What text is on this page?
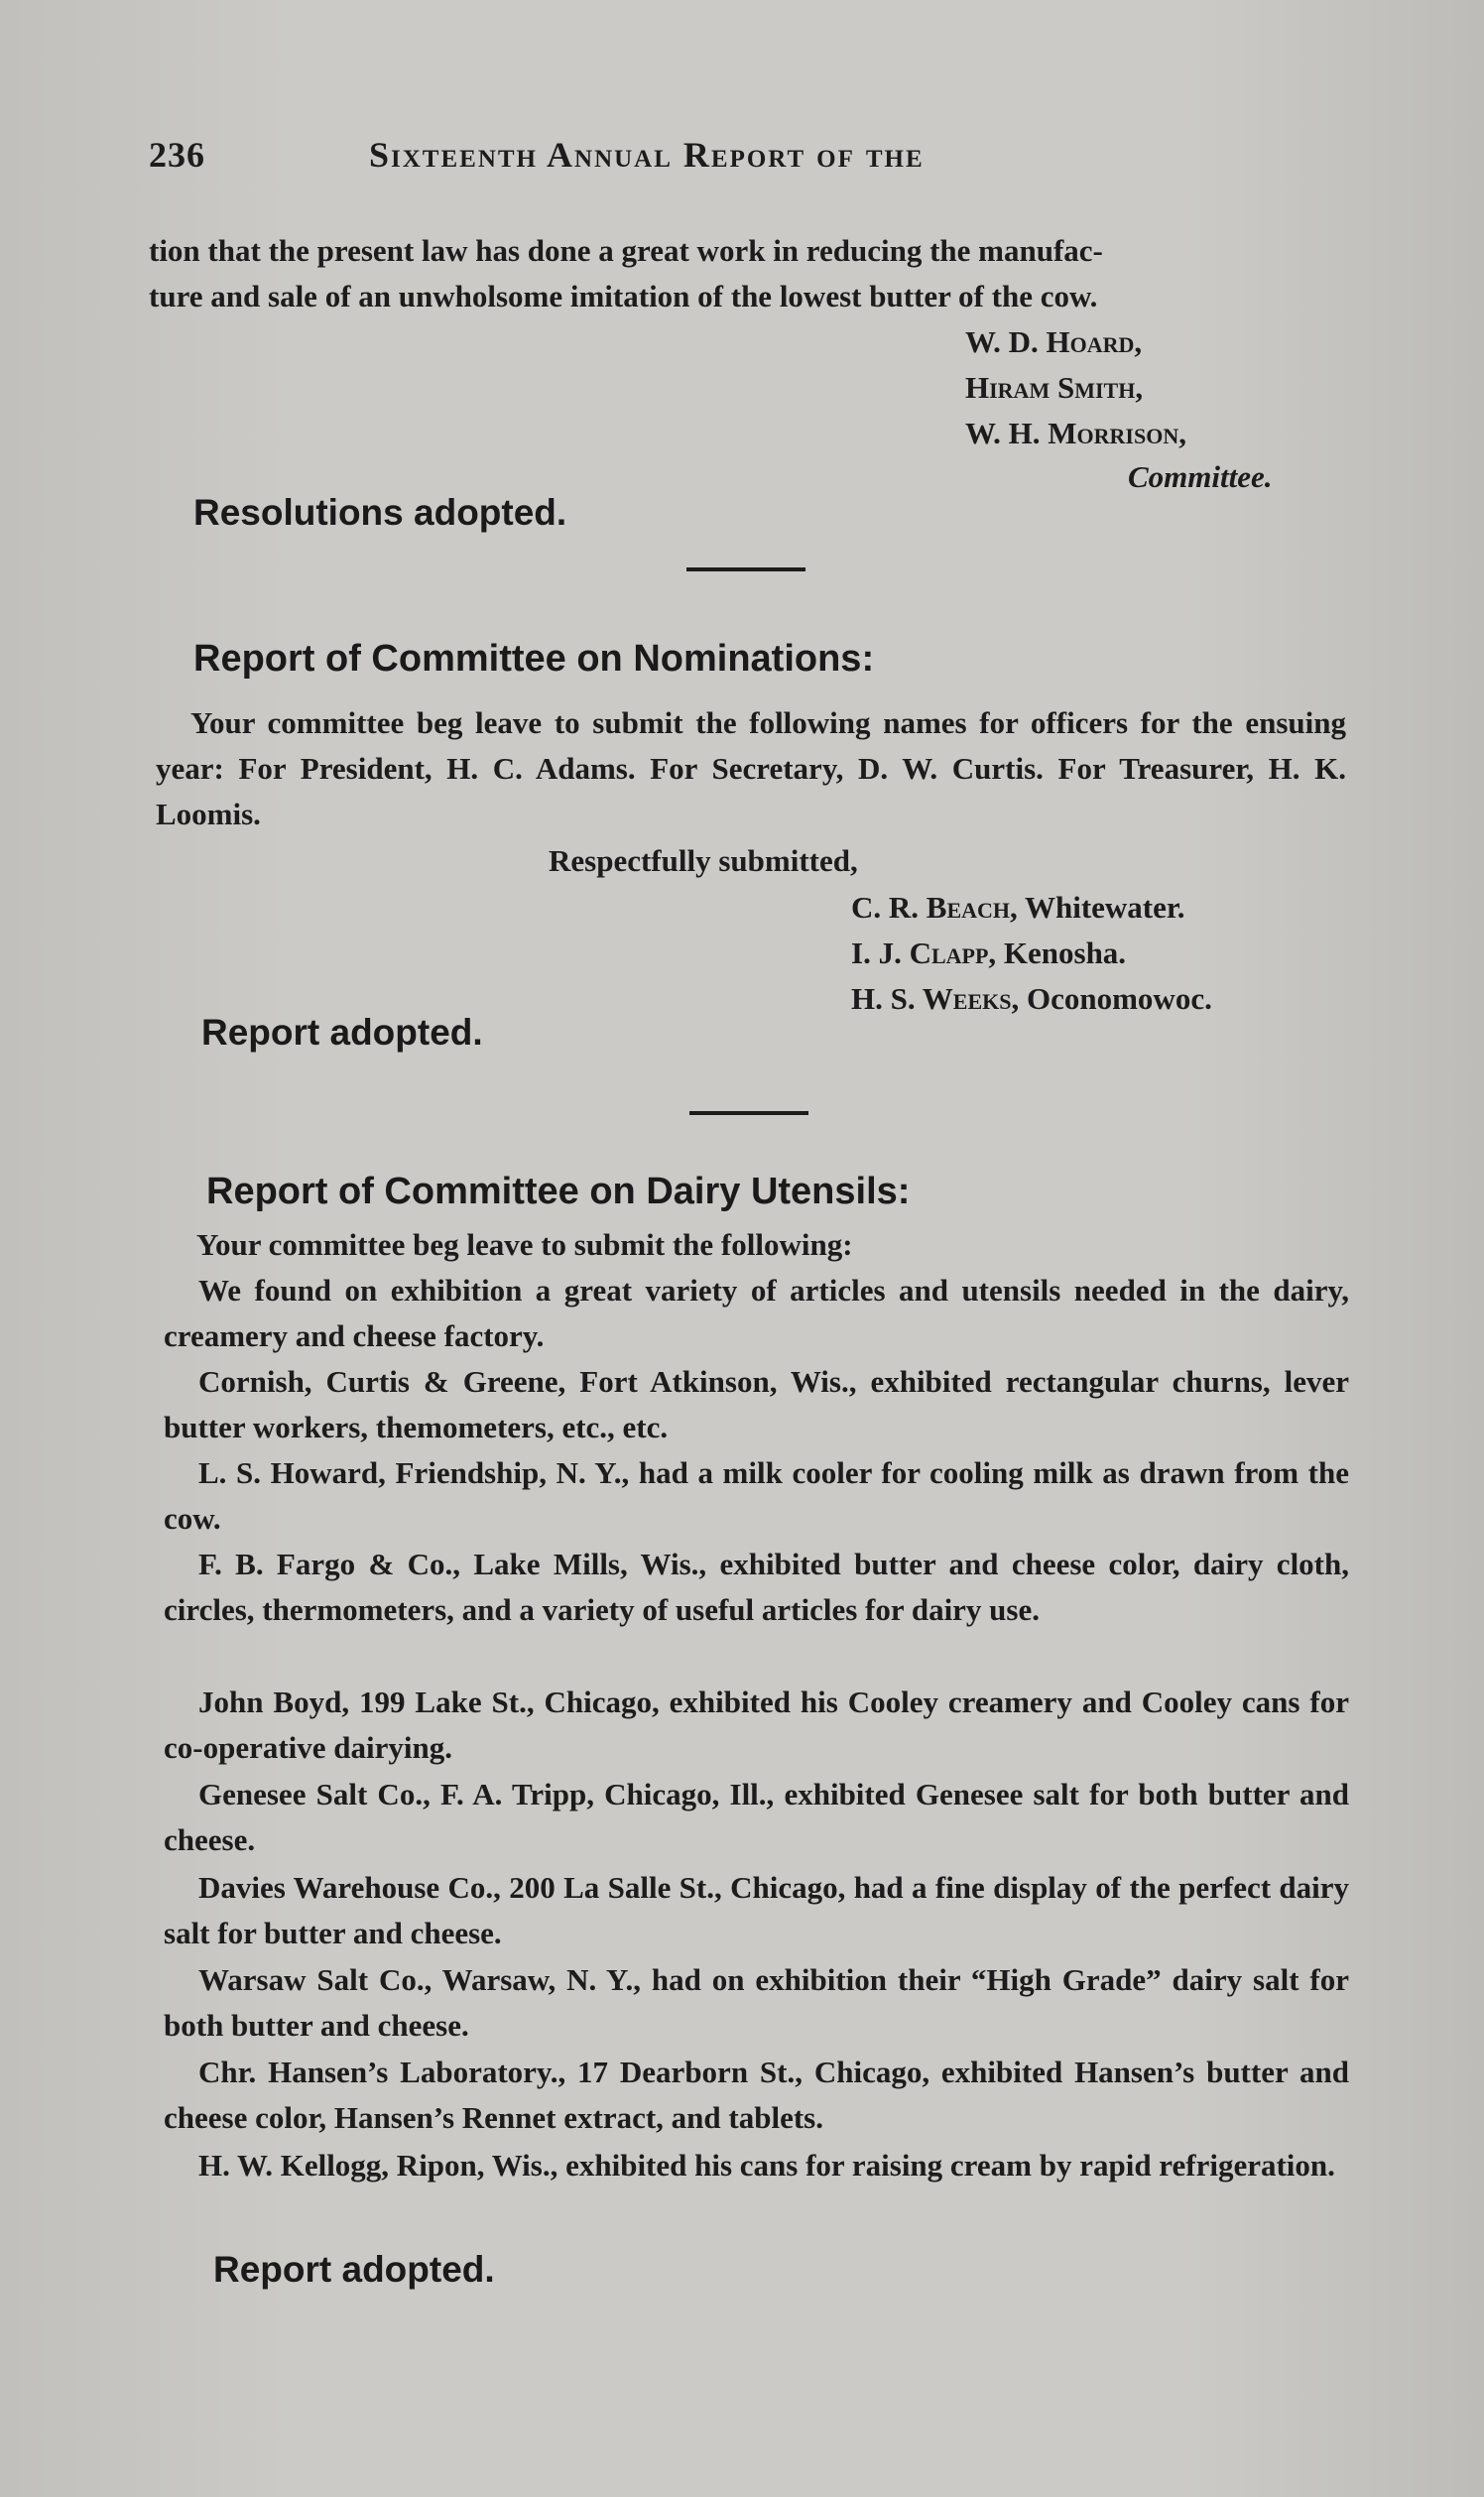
236	Sixteenth Annual Report of the
tion that the present law has done a great work in reducing the manufac-
ture and sale of an unwholsome imitation of the lowest butter of the cow.
W. D. Hoard,
Hiram Smith,
W. H. Morrison,
Committee.
Resolutions adopted.
Report of Committee on Nominations:
Your committee beg leave to submit the following names for officers for the ensuing year: For President, H. C. Adams. For Secretary, D. W. Curtis. For Treasurer, H. K. Loomis.
Respectfully submitted,
C. R. Beach, Whitewater.
I. J. Clapp, Kenosha.
H. S. Weeks, Oconomowoc.
Report adopted.
Report of Committee on Dairy Utensils:
Your committee beg leave to submit the following:
We found on exhibition a great variety of articles and utensils needed in the dairy, creamery and cheese factory.
Cornish, Curtis & Greene, Fort Atkinson, Wis., exhibited rectangular churns, lever butter workers, themometers, etc., etc.
L. S. Howard, Friendship, N. Y., had a milk cooler for cooling milk as drawn from the cow.
F. B. Fargo & Co., Lake Mills, Wis., exhibited butter and cheese color, dairy cloth, circles, thermometers, and a variety of useful articles for dairy use.
John Boyd, 199 Lake St., Chicago, exhibited his Cooley creamery and Cooley cans for co-operative dairying.
Genesee Salt Co., F. A. Tripp, Chicago, Ill., exhibited Genesee salt for both butter and cheese.
Davies Warehouse Co., 200 La Salle St., Chicago, had a fine display of the perfect dairy salt for butter and cheese.
Warsaw Salt Co., Warsaw, N. Y., had on exhibition their “High Grade” dairy salt for both butter and cheese.
Chr. Hansen’s Laboratory., 17 Dearborn St., Chicago, exhibited Hansen’s butter and cheese color, Hansen’s Rennet extract, and tablets.
H. W. Kellogg, Ripon, Wis., exhibited his cans for raising cream by rapid refrigeration.
Report adopted.
